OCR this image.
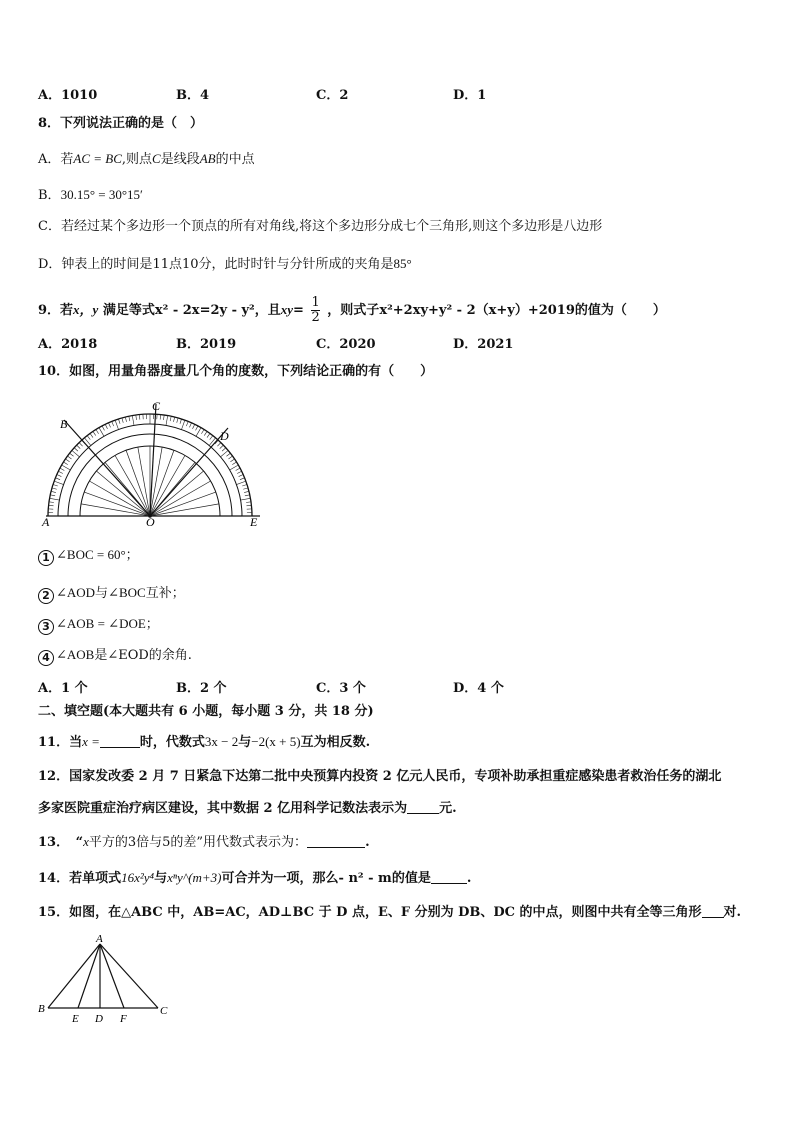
A．1010	B．4	C．2	D．1
8．下列说法正确的是（　）
A．若AC = BC,则点C是线段AB的中点
B．30.15° = 30°15′
C．若经过某个多边形一个顶点的所有对角线,将这个多边形分成七个三角形,则这个多边形是八边形
D．钟表上的时间是11点10分，此时时针与分针所成的夹角是85°
9．若x，y 满足等式x² - 2x=2y - y²，且$xy= \frac{1}{2}$ ，则式子x²+2xy+y² - 2（x+y）+2019的值为（　　）
A．2018	B．2019	C．2020	D．2021
10．如图，用量角器度量几个角的度数，下列结论正确的有（　　）
A
B
C
D
E
O
1 ∠BOC = 60°；
2 ∠AOD与∠BOC互补；
3 ∠AOB = ∠DOE；
4 ∠AOB是∠EOD的余角.
A．1 个	B．2 个	C．3 个	D．4 个
二、填空题(本大题共有 6 小题，每小题 3 分，共 18 分)
11．当x =	时，代数式3x − 2与−2(x + 5)互为相反数.
12．国家发改委 2 月 7 日紧急下达第二批中央预算内投资 2 亿元人民币，专项补助承担重症感染患者救治任务的湖北
多家医院重症治疗病区建设，其中数据 2 亿用科学记数法表示为 元.
13．　“x平方的3倍与5的差”用代数式表示为：	.
14．若单项式16x²y⁴与xⁿy^(m+3)可合并为一项，那么- n² - m的值是	.
15．如图，在△ABC 中，AB=AC，AD⊥BC 于 D 点，E、F 分别为 DB、DC 的中点，则图中共有全等三角形 对.
A
B	C
E D F
